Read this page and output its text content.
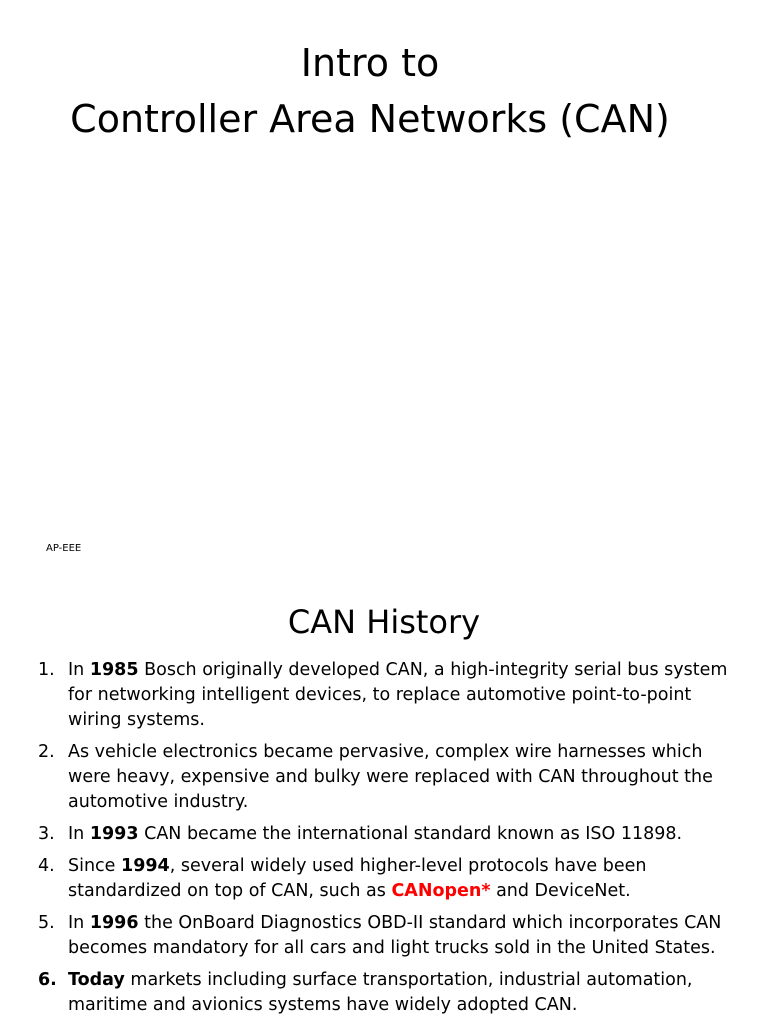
Intro to
Controller Area Networks (CAN)
AP-EEE
CAN History
1. In 1985 Bosch originally developed CAN, a high-integrity serial bus system for networking intelligent devices, to replace automotive point-to-point wiring systems.
2. As vehicle electronics became pervasive, complex wire harnesses which were heavy, expensive and bulky were replaced with CAN throughout the automotive industry.
3. In 1993 CAN became the international standard known as ISO 11898.
4. Since 1994, several widely used higher-level protocols have been standardized on top of CAN, such as CANopen* and DeviceNet.
5. In 1996 the OnBoard Diagnostics OBD-II standard which incorporates CAN becomes mandatory for all cars and light trucks sold in the United States.
6. Today markets including surface transportation, industrial automation, maritime and avionics systems have widely adopted CAN.
